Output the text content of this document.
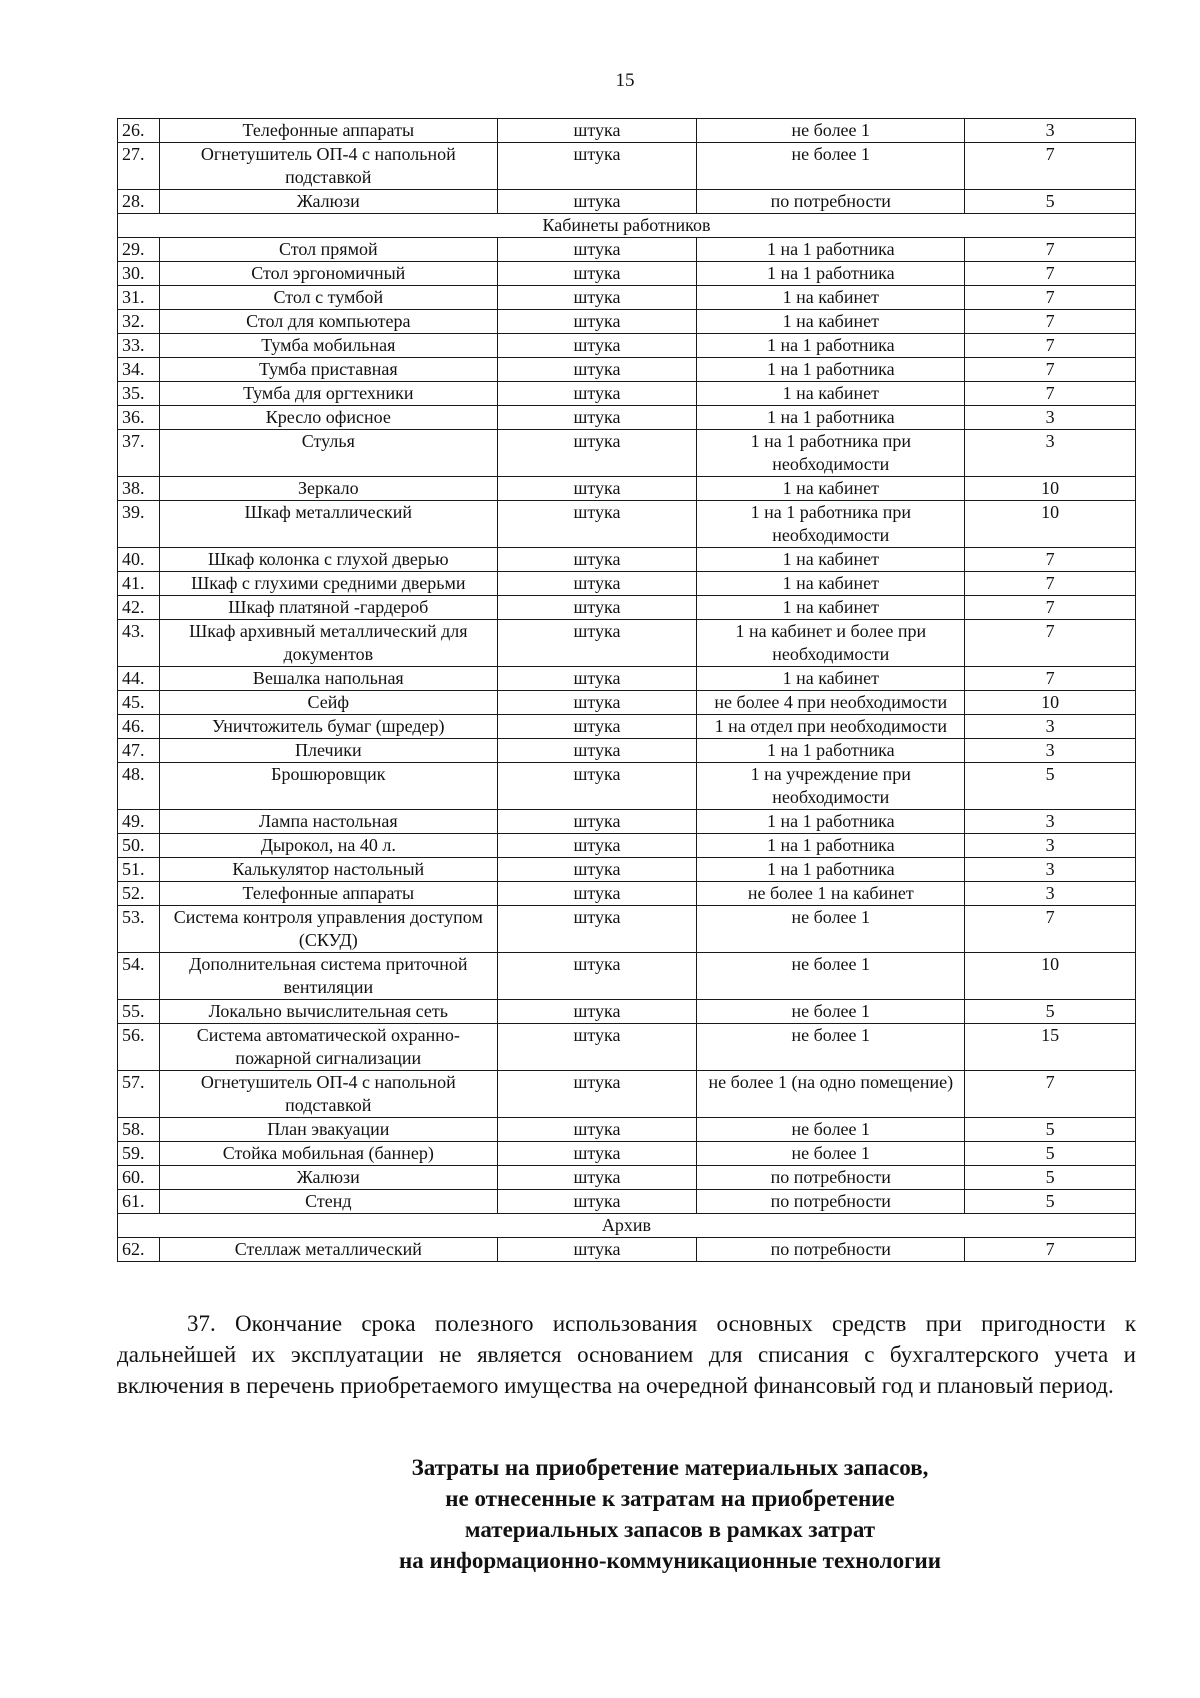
15
26.	Телефонные аппараты	штука	не более 1	3
27.	Огнетушитель ОП-4 с напольной подставкой	штука	не более 1	7
28.	Жалюзи	штука	по потребности	5
Кабинеты работников				
29.	Стол прямой	штука	1 на 1 работника	7
30.	Стол эргономичный	штука	1 на 1 работника	7
31.	Стол с тумбой	штука	1 на кабинет	7
32.	Стол для компьютера	штука	1 на кабинет	7
33.	Тумба мобильная	штука	1 на 1 работника	7
34.	Тумба приставная	штука	1 на 1 работника	7
35.	Тумба для оргтехники	штука	1 на кабинет	7
36.	Кресло офисное	штука	1 на 1 работника	3
37.	Стулья	штука	1 на 1 работника при необходимости	3
38.	Зеркало	штука	1 на кабинет	10
39.	Шкаф металлический	штука	1 на 1 работника при необходимости	10
40.	Шкаф колонка с глухой дверью	штука	1 на кабинет	7
41.	Шкаф с глухими средними дверьми	штука	1 на кабинет	7
42.	Шкаф платяной -гардероб	штука	1 на кабинет	7
43.	Шкаф архивный металлический для документов	штука	1 на кабинет и более при необходимости	7
44.	Вешалка напольная	штука	1 на кабинет	7
45.	Сейф	штука	не более 4 при необходимости	10
46.	Уничтожитель бумаг (шредер)	штука	1 на отдел при необходимости	3
47.	Плечики	штука	1 на 1 работника	3
48.	Брошюровщик	штука	1 на учреждение при необходимости	5
49.	Лампа настольная	штука	1 на 1 работника	3
50.	Дырокол, на 40 л.	штука	1 на 1 работника	3
51.	Калькулятор настольный	штука	1 на 1 работника	3
52.	Телефонные аппараты	штука	не более 1 на кабинет	3
53.	Система контроля управления доступом (СКУД)	штука	не более 1	7
54.	Дополнительная система приточной вентиляции	штука	не более 1	10
55.	Локально вычислительная сеть	штука	не более 1	5
56.	Система автоматической охранно-пожарной сигнализации	штука	не более 1	15
57.	Огнетушитель ОП-4 с напольной подставкой	штука	не более 1 (на одно помещение)	7
58.	План эвакуации	штука	не более 1	5
59.	Стойка мобильная (баннер)	штука	не более 1	5
60.	Жалюзи	штука	по потребности	5
61.	Стенд	штука	по потребности	5
Архив				
62.	Стеллаж металлический	штука	по потребности	7
37. Окончание срока полезного использования основных средств при пригодности к дальнейшей их эксплуатации не является основанием для списания с бухгалтерского учета и включения в перечень приобретаемого имущества на очередной финансовый год и плановый период.
Затраты на приобретение материальных запасов,
не отнесенные к затратам на приобретение
материальных запасов в рамках затрат
на информационно-коммуникационные технологии
